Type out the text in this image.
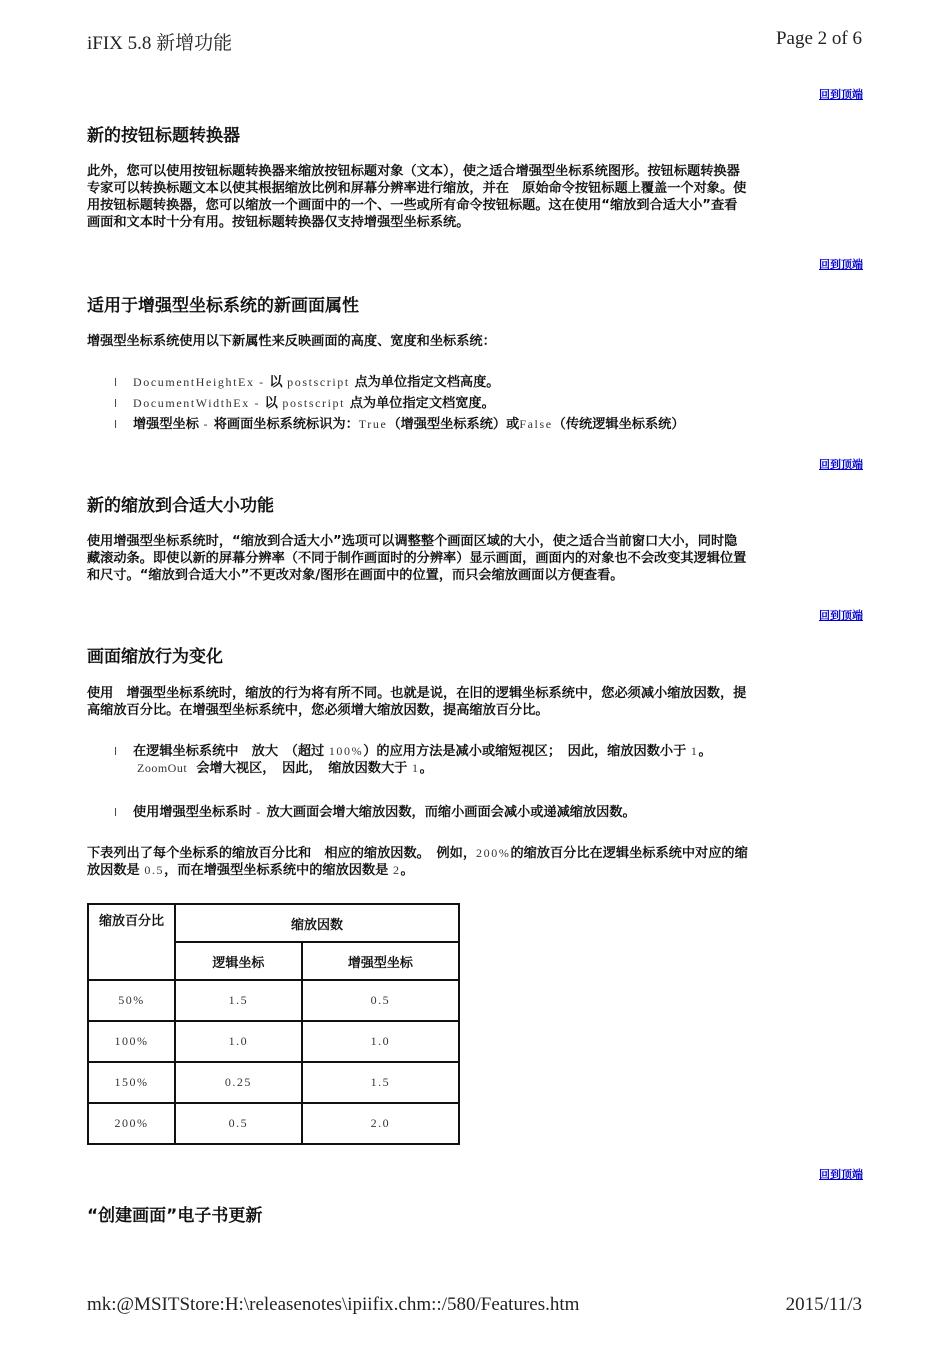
iFIX 5.8 新增功能	Page 2 of 6
mk:@MSITStore:H:\releasenotes\ipiifix.chm::/580/Features.htm	2015/11/3
回到顶端
新的按钮标题转换器
此外，您可以使用按钮标题转换器来缩放按钮标题对象（文本），使之适合增强型坐标系统图形。按钮标题转换器
专家可以转换标题文本以使其根据缩放比例和屏幕分辨率进行缩放，并在　原始命令按钮标题上覆盖一个对象。使
用按钮标题转换器，您可以缩放一个画面中的一个、一些或所有命令按钮标题。这在使用“缩放到合适大小”查看
画面和文本时十分有用。按钮标题转换器仅支持增强型坐标系统。
回到顶端
适用于增强型坐标系统的新画面属性
增强型坐标系统使用以下新属性来反映画面的高度、宽度和坐标系统：
l DocumentHeightEx - 以 postscript 点为单位指定文档高度。
l DocumentWidthEx - 以 postscript 点为单位指定文档宽度。
l 增强型坐标 - 将画面坐标系统标识为：True（增强型坐标系统）或False（传统逻辑坐标系统）
回到顶端
新的缩放到合适大小功能
使用增强型坐标系统时，“缩放到合适大小”选项可以调整整个画面区域的大小，使之适合当前窗口大小，同时隐
藏滚动条。即使以新的屏幕分辨率（不同于制作画面时的分辨率）显示画面，画面内的对象也不会改变其逻辑位置
和尺寸。“缩放到合适大小”不更改对象/图形在画面中的位置，而只会缩放画面以方便查看。
回到顶端
画面缩放行为变化
使用　增强型坐标系统时，缩放的行为将有所不同。也就是说，在旧的逻辑坐标系统中，您必须减小缩放因数，提
高缩放百分比。在增强型坐标系统中，您必须增大缩放因数，提高缩放百分比。
l 在逻辑坐标系统中　放大　（超过 100%）的应用方法是减小或缩短视区；　因此，缩放因数小于 1。
ZoomOut 会增大视区，　因此，　缩放因数大于 1。
l 使用增强型坐标系时 - 放大画面会增大缩放因数，而缩小画面会减小或递减缩放因数。
下表列出了每个坐标系的缩放百分比和　相应的缩放因数。　例如，200%的缩放百分比在逻辑坐标系统中对应的缩
放因数是 0.5，而在增强型坐标系统中的缩放因数是 2。
缩放百分比	缩放因数	
	逻辑坐标	增强型坐标
50%	1.5	0.5
100%	1.0	1.0
150%	0.25	1.5
200%	0.5	2.0
回到顶端
“创建画面”电子书更新
